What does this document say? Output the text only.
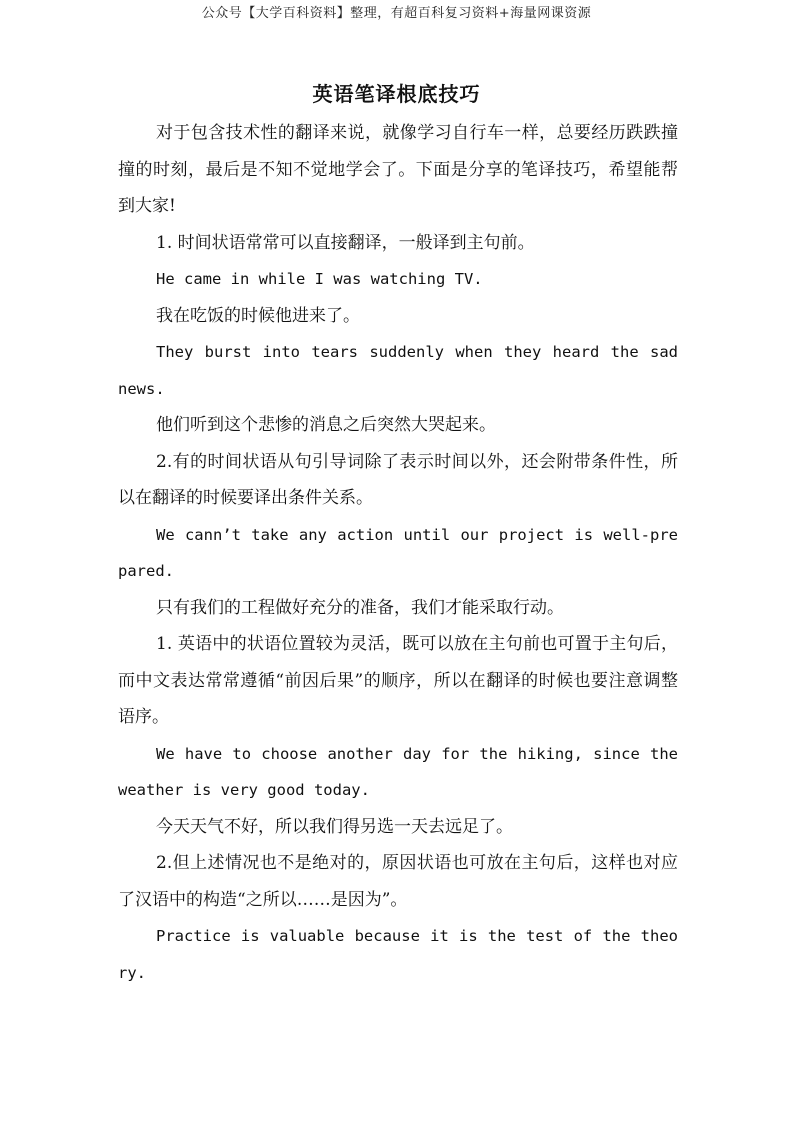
公众号【大学百科资料】整理，有超百科复习资料+海量网课资源
英语笔译根底技巧

对于包含技术性的翻译来说，就像学习自行车一样，总要经历跌跌撞撞的时刻，最后是不知不觉地学会了。下面是分享的笔译技巧，希望能帮到大家!

1. 时间状语常常可以直接翻译，一般译到主句前。

He came in while I was watching TV.

我在吃饭的时候他进来了。

They burst into tears suddenly when they heard the sad news.

他们听到这个悲惨的消息之后突然大哭起来。

2.有的时间状语从句引导词除了表示时间以外，还会附带条件性，所以在翻译的时候要译出条件关系。

We cann’t take any action until our project is well-prepared.

只有我们的工程做好充分的准备，我们才能采取行动。

1. 英语中的状语位置较为灵活，既可以放在主句前也可置于主句后，而中文表达常常遵循“前因后果”的顺序，所以在翻译的时候也要注意调整语序。

We have to choose another day for the hiking, since the weather is very good today.

今天天气不好，所以我们得另选一天去远足了。

2.但上述情况也不是绝对的，原因状语也可放在主句后，这样也对应了汉语中的构造“之所以……是因为”。

Practice is valuable because it is the test of the theory.
